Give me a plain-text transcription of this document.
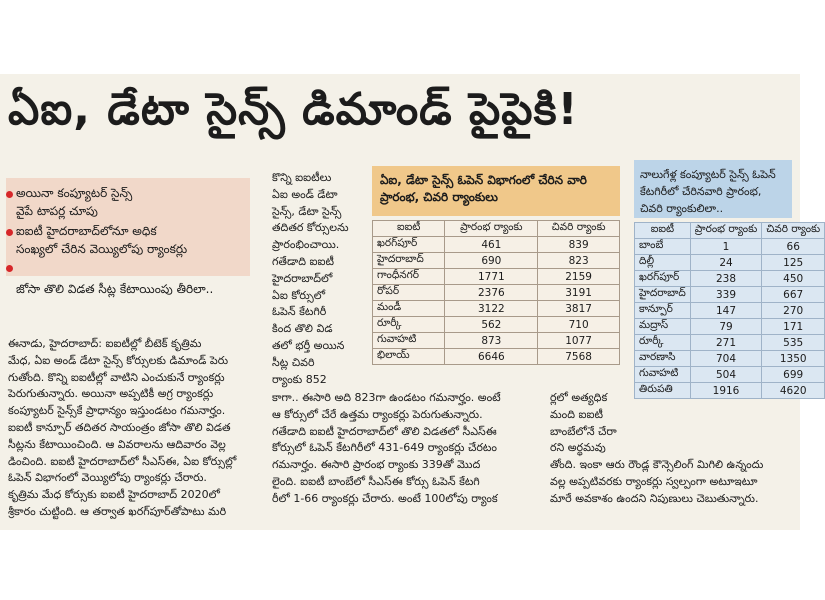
ఏఐ, డేటా సైన్స్ డిమాండ్ పైపైకి!
అయినా కంప్యూటర్ సైన్స్
వైపే టాపర్ల చూపు
ఐఐటీ హైదరాబాద్‌లోనూ అధిక
సంఖ్యలో చేరిన వెయ్యిలోపు ర్యాంకర్లు
జోసా తొలి విడత సీట్ల కేటాయింపు తీరిలా..
ఈనాడు, హైదరాబాద్: ఐఐటీల్లో బీటెక్ కృత్రిమ
మేధ, ఏఐ అండ్ డేటా సైన్స్ కోర్సులకు డిమాండ్ పెరు
గుతోంది. కొన్ని ఐఐటీల్లో వాటిని ఎంచుకునే ర్యాంకర్లు
పెరుగుతున్నారు. అయినా అప్పటికీ అగ్ర ర్యాంకర్లు
కంప్యూటర్ సైన్స్‌కే ప్రాధాన్యం ఇస్తుండటం గమనార్హం.
ఐఐటీ కాన్పూర్ తదితర సాయంత్రం జోసా తొలి విడత
సీట్లను కేటాయించింది. ఆ వివరాలను ఆదివారం వెల్ల
డించింది. ఐఐటీ హైదరాబాద్‌లో సీఎస్ఈ, ఏఐ కోర్సుల్లో
ఓపెన్ విభాగంలో వెయ్యిలోపు ర్యాంకర్లు చేరారు.
కృత్రిమ మేధ కోర్సుకు ఐఐటీ హైదరాబాద్ 2020లో
శ్రీకారం చుట్టింది. ఆ తర్వాత ఖరగ్‌పూర్‌తోపాటు మరి
కొన్ని ఐఐటీలు
ఏఐ అండ్ డేటా
సైన్స్, డేటా సైన్స్
తదితర కోర్సులను
ప్రారంభించాయి.
గతేడాది ఐఐటీ
హైదరాబాద్‌లో
ఏఐ కోర్సులో
ఓపెన్ కేటగిరీ
కింద తొలి విడ
తలో భర్తీ అయిన
సీట్ల చివరి
ర్యాంకు 852
కాగా.. ఈసారి అది 823గా ఉండటం గమనార్హం. అంటే
ఆ కోర్సులో చేరే ఉత్తమ ర్యాంకర్లు పెరుగుతున్నారు.
గతేడాది ఐఐటీ హైదరాబాద్‌లో తొలి విడతలో సీఎస్ఈ
కోర్సులో ఓపెన్ కేటగిరీలో 431-649 ర్యాంకర్లు చేరటం
గమనార్హం. ఈసారి ప్రారంభ ర్యాంకు 339తో మొద
లైంది. ఐఐటీ బాంబేలో సీఎస్ఈ కోర్సు ఓపెన్ కేటగి
రీలో 1-66 ర్యాంకర్లు చేరారు. అంటే 100లోపు ర్యాంక
ర్లలో అత్యధిక
మంది ఐఐటీ
బాంబేలోనే చేరా
రని అర్థమవు
తోంది. ఇంకా ఆరు రౌండ్ల కౌన్సెలింగ్ మిగిలి ఉన్నందు
వల్ల అప్పటివరకు ర్యాంకర్లు స్వల్పంగా అటూఇటూ
మారే అవకాశం ఉందని నిపుణులు చెబుతున్నారు.
ఏఐ, డేటా సైన్స్ ఓపెన్ విభాగంలో చేరిన వారి ప్రారంభ, చివరి ర్యాంకులు
ఐఐటీ	ప్రారంభ ర్యాంకు	చివరి ర్యాంకు
ఖరగ్‌పూర్	461	839
హైదరాబాద్	690	823
గాంధీనగర్	1771	2159
రోపర్	2376	3191
మండీ	3122	3817
రూర్కీ	562	710
గువాహటి	873	1077
భిలాయ్	6646	7568
నాలుగేళ్ల కంప్యూటర్ సైన్స్ ఓపెన్ కేటగిరీలో చేరినవారి ప్రారంభ, చివరి ర్యాంకులిలా..
ఐఐటీ	ప్రారంభ ర్యాంకు	చివరి ర్యాంకు
బాంబే	1	66
దిల్లీ	24	125
ఖరగ్‌పూర్	238	450
హైదరాబాద్	339	667
కాన్పూర్	147	270
మద్రాస్	79	171
రూర్కీ	271	535
వారణాసి	704	1350
గువాహటి	504	699
తిరుపతి	1916	4620
